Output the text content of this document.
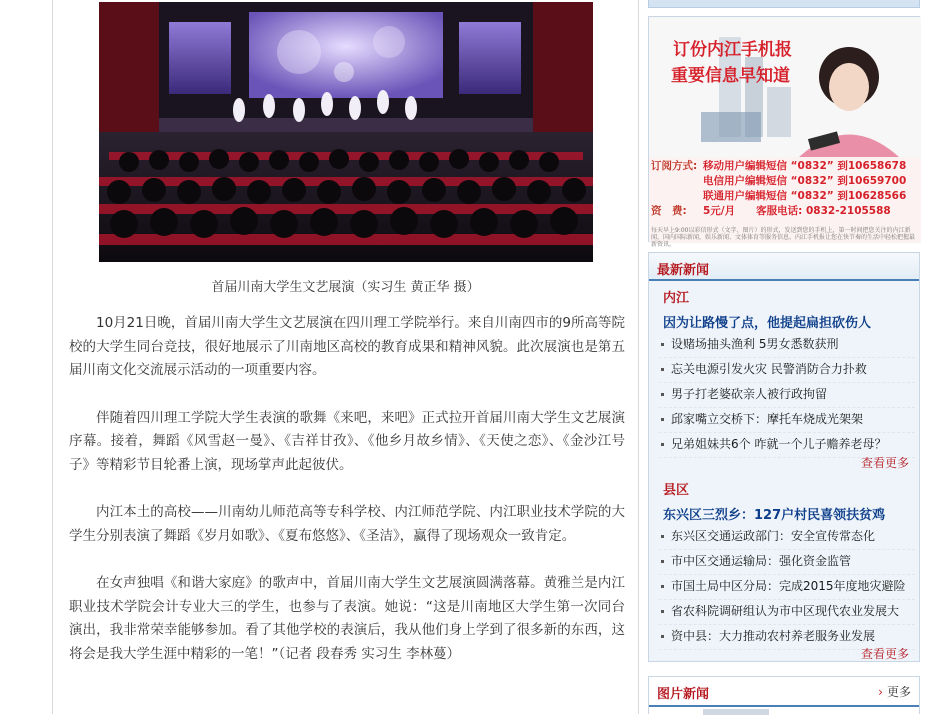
首届川南大学生文艺展演（实习生 黄正华 摄）

10月21日晚，首届川南大学生文艺展演在四川理工学院举行。来自川南四市的9所高等院校的大学生同台竞技，很好地展示了川南地区高校的教育成果和精神风貌。此次展演也是第五届川南文化交流展示活动的一项重要内容。

伴随着四川理工学院大学生表演的歌舞《来吧，来吧》正式拉开首届川南大学生文艺展演序幕。接着，舞蹈《风雪赵一曼》、《吉祥甘孜》、《他乡月故乡情》、《天使之恋》、《金沙江号子》等精彩节目轮番上演，现场掌声此起彼伏。

内江本土的高校——川南幼儿师范高等专科学校、内江师范学院、内江职业技术学院的大学生分别表演了舞蹈《岁月如歌》、《夏布悠悠》、《圣洁》，赢得了现场观众一致肯定。

在女声独唱《和谐大家庭》的歌声中，首届川南大学生文艺展演圆满落幕。黄雅兰是内江职业技术学院会计专业大三的学生，也参与了表演。她说：“这是川南地区大学生第一次同台演出，我非常荣幸能够参加。看了其他学校的表演后，我从他们身上学到了很多新的东西，这将会是我大学生涯中精彩的一笔！”（记者 段春秀 实习生 李林蔓）

订份内江手机报
重要信息早知道
订阅方式: 移动用户编辑短信 “0832” 到10658678
电信用户编辑短信 “0832” 到10659700
联通用户编辑短信 “0832” 到10628566
资　费:	5元/月　　客服电话: 0832-2105588
每天早上9:00以彩信形式（文字、图片）的形式，发送到您的手机上，第一时间把您关注的内江新闻，国内国际新闻，娱乐新闻、文体体育等服务信息。内江手机报让您在快节奏的生活中轻松把握最新资讯。
最新新闻
内江
因为让路慢了点，他提起扁担砍伤人
设赌场抽头渔利 5男女悉数获刑
忘关电源引发火灾 民警消防合力扑救
男子打老婆砍亲人被行政拘留
邱家嘴立交桥下：摩托车烧成光架架
兄弟姐妹共6个 咋就一个儿子赡养老母？
查看更多
县区
东兴区三烈乡：127户村民喜领扶贫鸡
东兴区交通运政部门：安全宣传常态化
市中区交通运输局：强化资金监管
市国土局中区分局：完成2015年度地灾避险
省农科院调研组认为市中区现代农业发展大
资中县：大力推动农村养老服务业发展
查看更多
图片新闻
›	更多
